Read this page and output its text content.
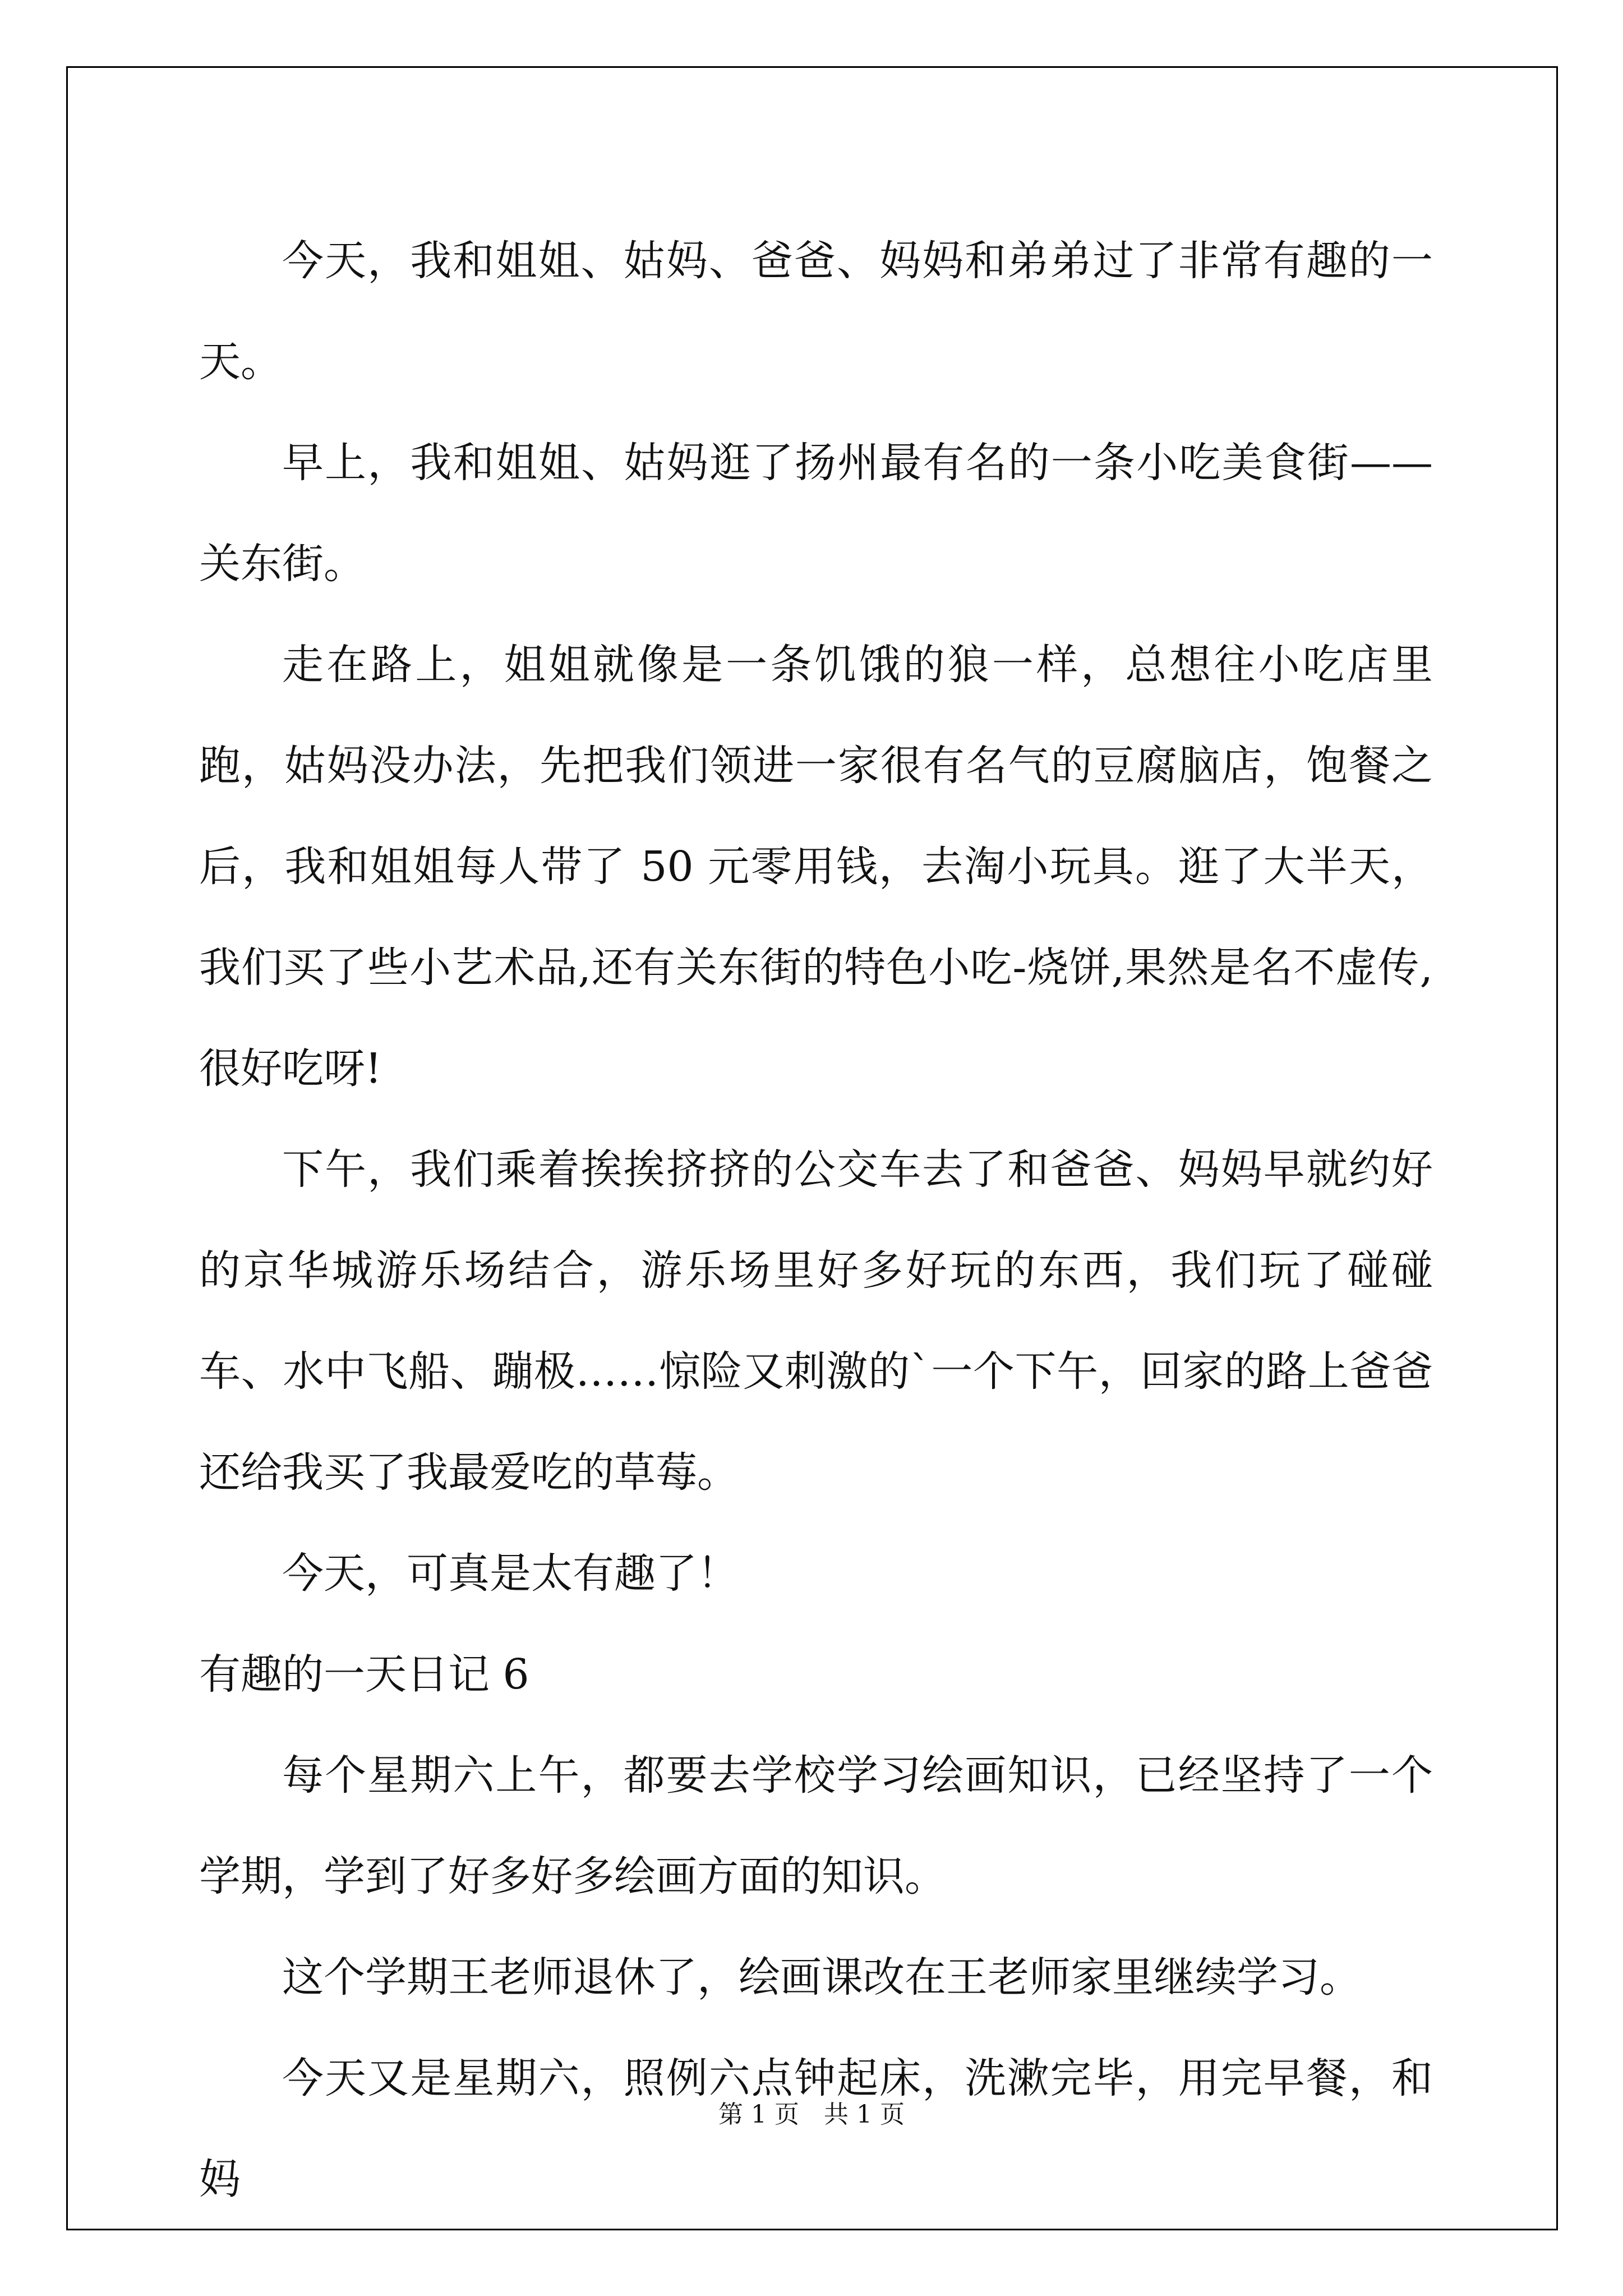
今天，我和姐姐、姑妈、爸爸、妈妈和弟弟过了非常有趣的一天。

早上，我和姐姐、姑妈逛了扬州最有名的一条小吃美食街——关东街。

走在路上，姐姐就像是一条饥饿的狼一样，总想往小吃店里跑，姑妈没办法，先把我们领进一家很有名气的豆腐脑店，饱餐之后，我和姐姐每人带了 50 元零用钱，去淘小玩具。逛了大半天，我们买了些小艺术品,还有关东街的特色小吃-烧饼,果然是名不虚传,很好吃呀!

下午，我们乘着挨挨挤挤的公交车去了和爸爸、妈妈早就约好的京华城游乐场结合，游乐场里好多好玩的东西，我们玩了碰碰车、水中飞船、蹦极……惊险又刺激的`一个下午，回家的路上爸爸还给我买了我最爱吃的草莓。

今天，可真是太有趣了！

有趣的一天日记 6

每个星期六上午，都要去学校学习绘画知识，已经坚持了一个学期，学到了好多好多绘画方面的知识。

这个学期王老师退休了，绘画课改在王老师家里继续学习。

今天又是星期六，照例六点钟起床，洗漱完毕，用完早餐，和妈

第 1 页　共 1 页
